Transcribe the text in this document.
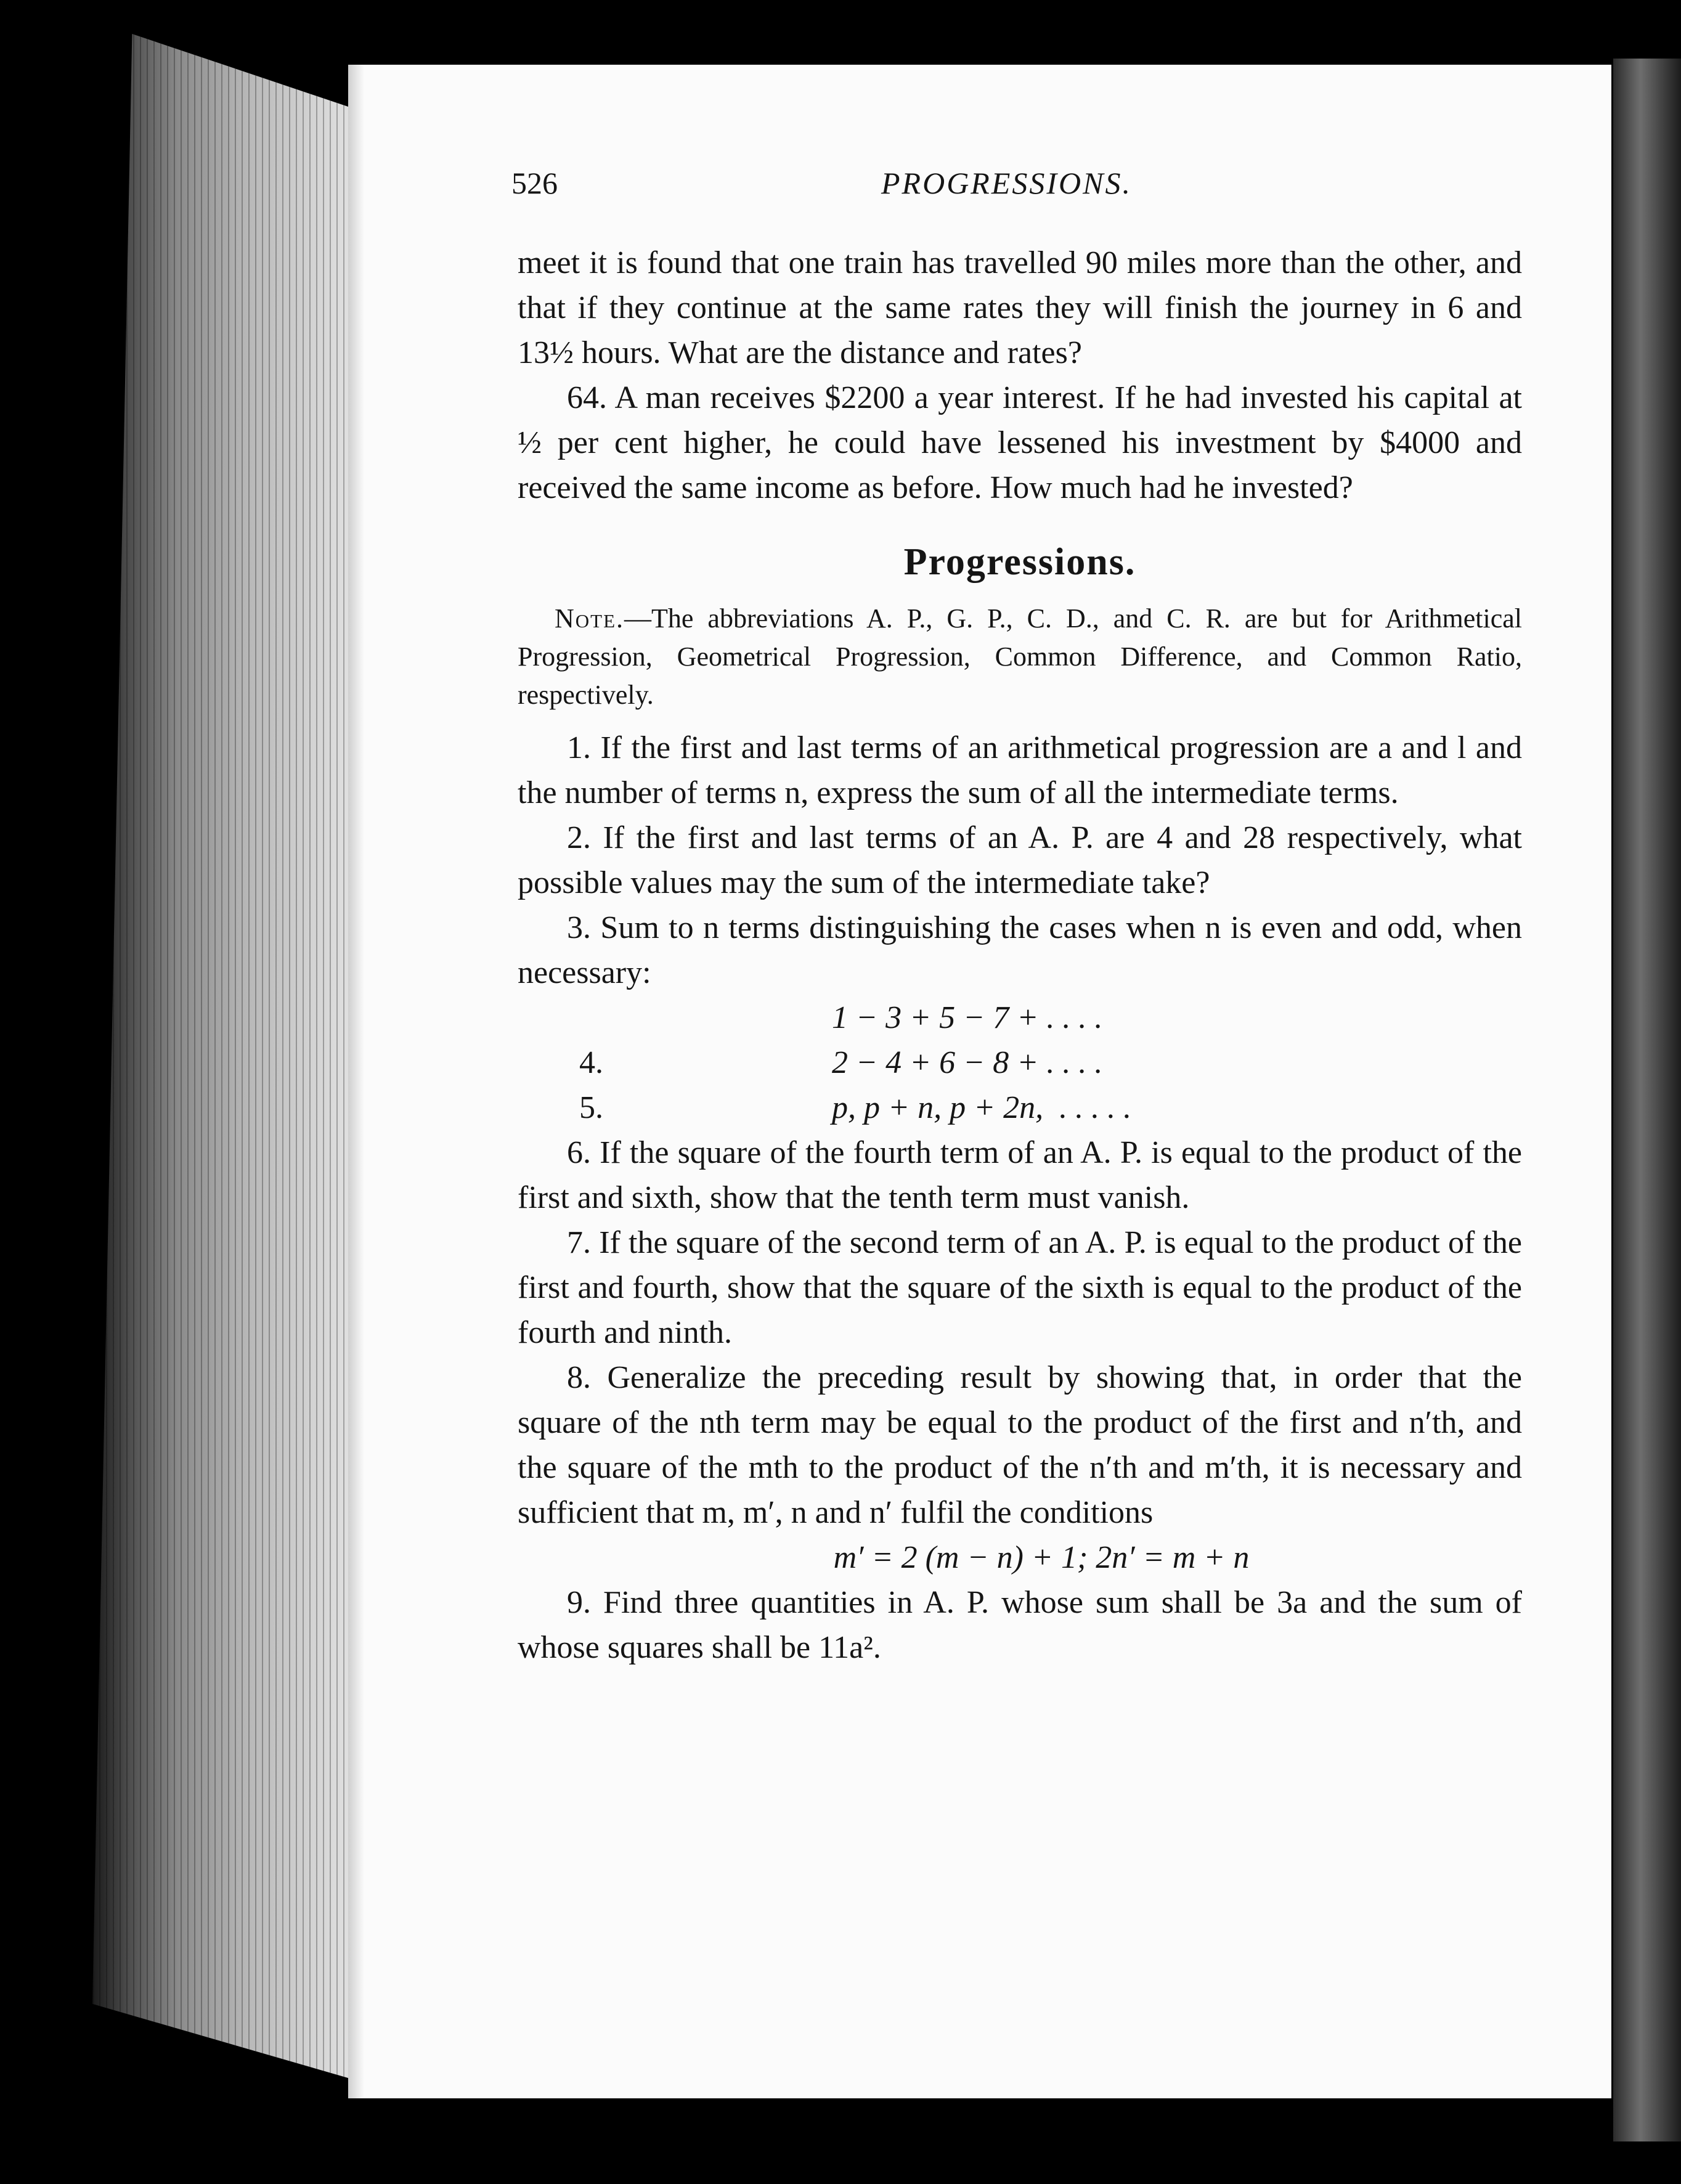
526	PROGRESSIONS.

meet it is found that one train has travelled 90 miles more than the other, and that if they continue at the same rates they will finish the journey in 6 and 13½ hours. What are the distance and rates?

64. A man receives $2200 a year interest. If he had invested his capital at ½ per cent higher, he could have lessened his investment by $4000 and received the same income as before. How much had he invested?

Progressions.

Note.—The abbreviations A. P., G. P., C. D., and C. R. are but for Arithmetical Progression, Geometrical Progression, Common Difference, and Common Ratio, respectively.

1. If the first and last terms of an arithmetical progression are a and l and the number of terms n, express the sum of all the intermediate terms.

2. If the first and last terms of an A. P. are 4 and 28 respectively, what possible values may the sum of the intermediate take?

3. Sum to n terms distinguishing the cases when n is even and odd, when necessary:

1 − 3 + 5 − 7 + . . . .
4.	2 − 4 + 6 − 8 + . . . .
5.	p, p + n, p + 2n,  . . . . .

6. If the square of the fourth term of an A. P. is equal to the product of the first and sixth, show that the tenth term must vanish.

7. If the square of the second term of an A. P. is equal to the product of the first and fourth, show that the square of the sixth is equal to the product of the fourth and ninth.

8. Generalize the preceding result by showing that, in order that the square of the nth term may be equal to the product of the first and n′th, and the square of the mth to the product of the n′th and m′th, it is necessary and sufficient that m, m′, n and n′ fulfil the conditions

m′ = 2 (m − n) + 1; 2n′ = m + n

9. Find three quantities in A. P. whose sum shall be 3a and the sum of whose squares shall be 11a².
